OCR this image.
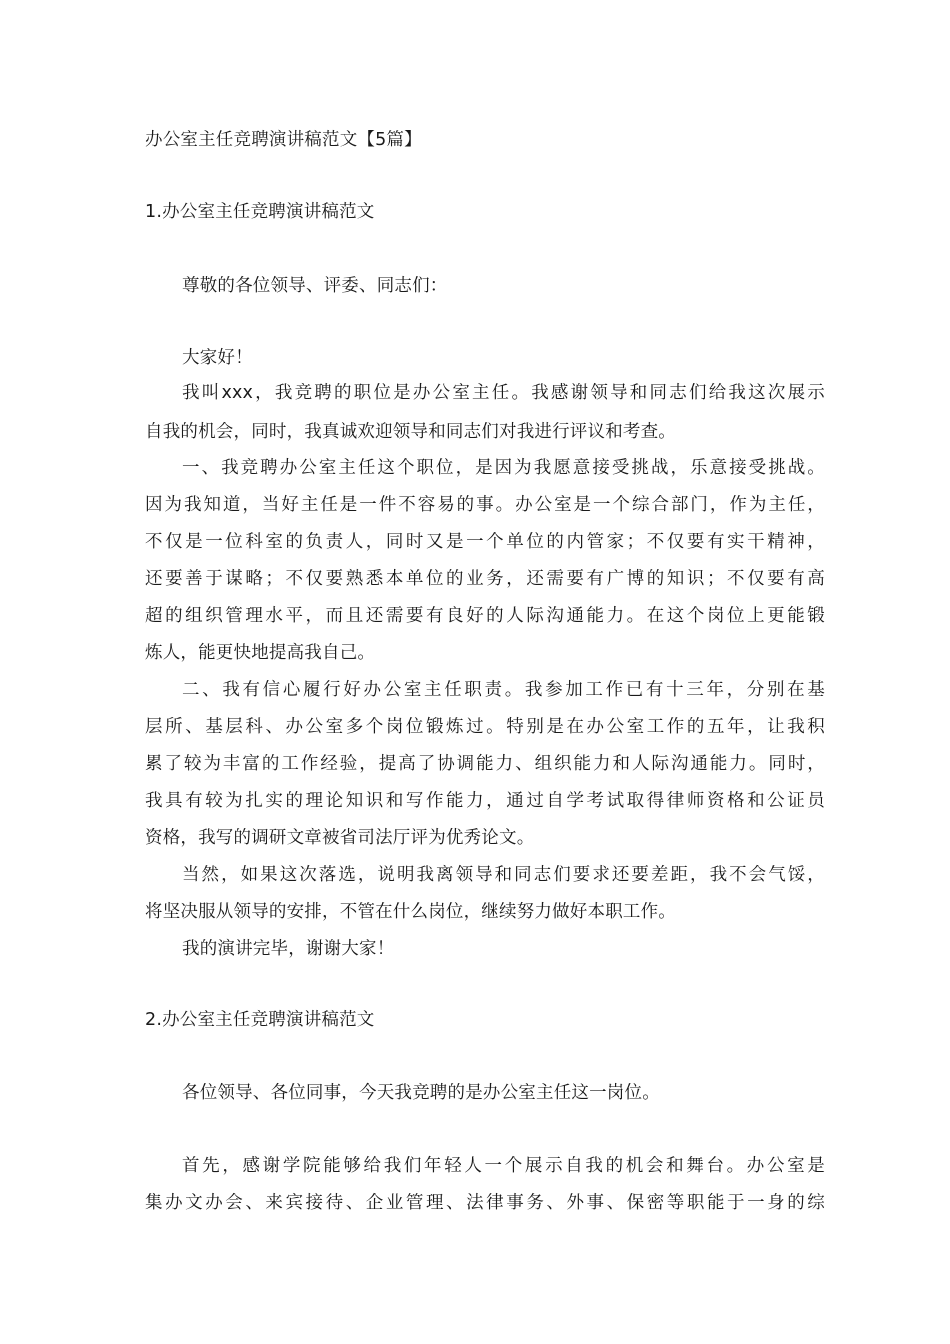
办公室主任竞聘演讲稿范文【5篇】
1.办公室主任竞聘演讲稿范文
尊敬的各位领导、评委、同志们：
大家好！
我叫xxx，我竞聘的职位是办公室主任。我感谢领导和同志们给我这次展示
自我的机会，同时，我真诚欢迎领导和同志们对我进行评议和考查。
一、我竞聘办公室主任这个职位，是因为我愿意接受挑战，乐意接受挑战。
因为我知道，当好主任是一件不容易的事。办公室是一个综合部门，作为主任，
不仅是一位科室的负责人，同时又是一个单位的内管家；不仅要有实干精神，
还要善于谋略；不仅要熟悉本单位的业务，还需要有广博的知识；不仅要有高
超的组织管理水平，而且还需要有良好的人际沟通能力。在这个岗位上更能锻
炼人，能更快地提高我自己。
二、我有信心履行好办公室主任职责。我参加工作已有十三年，分别在基
层所、基层科、办公室多个岗位锻炼过。特别是在办公室工作的五年，让我积
累了较为丰富的工作经验，提高了协调能力、组织能力和人际沟通能力。同时，
我具有较为扎实的理论知识和写作能力，通过自学考试取得律师资格和公证员
资格，我写的调研文章被省司法厅评为优秀论文。
当然，如果这次落选，说明我离领导和同志们要求还要差距，我不会气馁，
将坚决服从领导的安排，不管在什么岗位，继续努力做好本职工作。
我的演讲完毕，谢谢大家！
2.办公室主任竞聘演讲稿范文
各位领导、各位同事，今天我竞聘的是办公室主任这一岗位。
首先，感谢学院能够给我们年轻人一个展示自我的机会和舞台。办公室是
集办文办会、来宾接待、企业管理、法律事务、外事、保密等职能于一身的综
